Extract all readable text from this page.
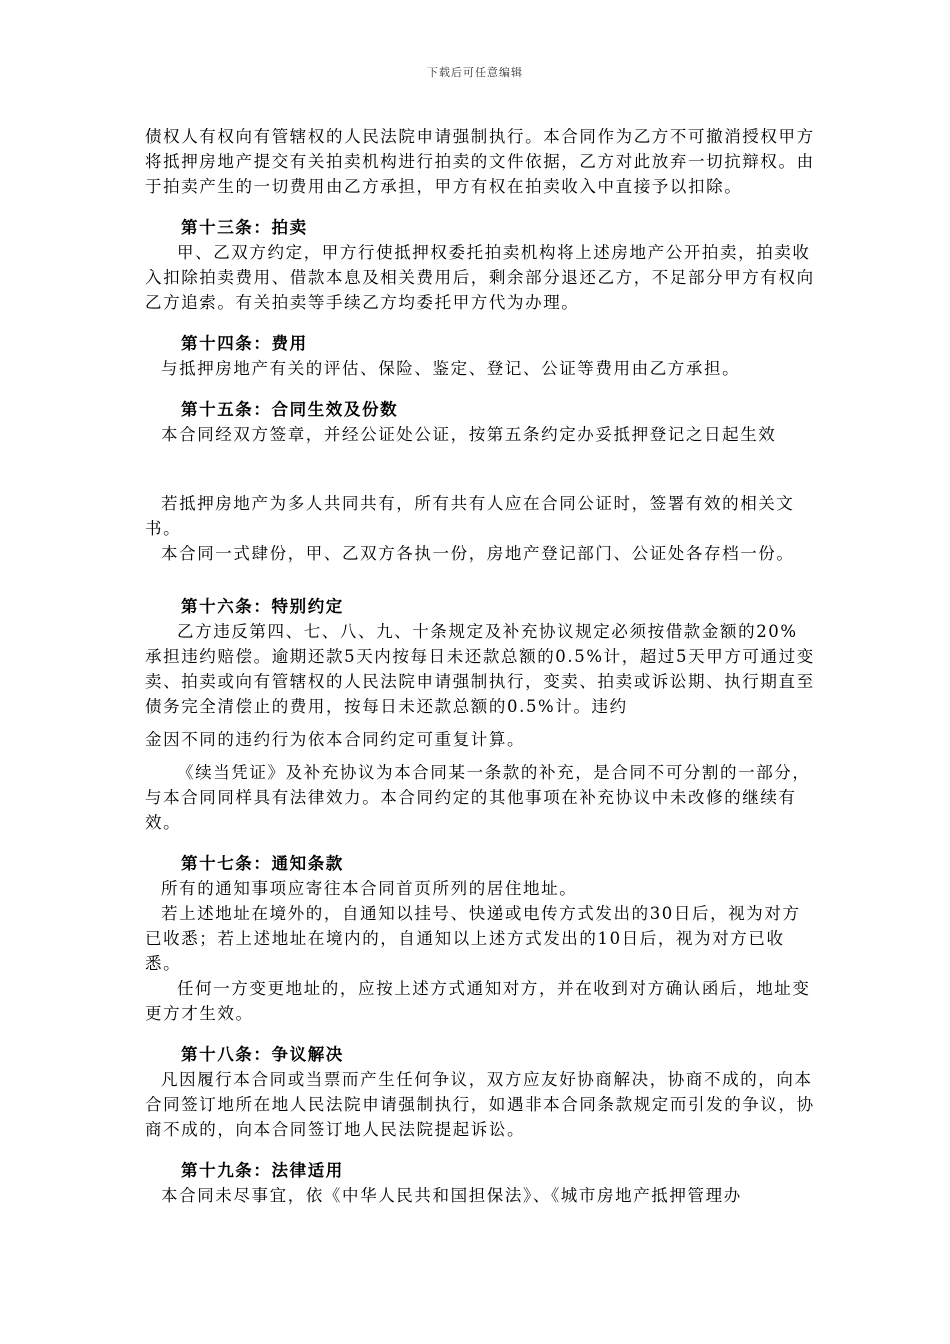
下载后可任意编辑

债权人有权向有管辖权的人民法院申请强制执行。本合同作为乙方不可撤消授权甲方将抵押房地产提交有关拍卖机构进行拍卖的文件依据，乙方对此放弃一切抗辩权。由于拍卖产生的一切费用由乙方承担，甲方有权在拍卖收入中直接予以扣除。

第十三条：拍卖

甲、乙双方约定，甲方行使抵押权委托拍卖机构将上述房地产公开拍卖，拍卖收入扣除拍卖费用、借款本息及相关费用后，剩余部分退还乙方，不足部分甲方有权向乙方追索。有关拍卖等手续乙方均委托甲方代为办理。

第十四条：费用

与抵押房地产有关的评估、保险、鉴定、登记、公证等费用由乙方承担。

第十五条：合同生效及份数

本合同经双方签章，并经公证处公证，按第五条约定办妥抵押登记之日起生效

若抵押房地产为多人共同共有，所有共有人应在合同公证时，签署有效的相关文书。

本合同一式肆份，甲、乙双方各执一份，房地产登记部门、公证处各存档一份。

第十六条：特别约定

乙方违反第四、七、八、九、十条规定及补充协议规定必须按借款金额的20%承担违约赔偿。逾期还款5天内按每日未还款总额的0.5%计，超过5天甲方可通过变卖、拍卖或向有管辖权的人民法院申请强制执行，变卖、拍卖或诉讼期、执行期直至债务完全清偿止的费用，按每日未还款总额的0.5%计。违约

金因不同的违约行为依本合同约定可重复计算。

《续当凭证》及补充协议为本合同某一条款的补充，是合同不可分割的一部分，与本合同同样具有法律效力。本合同约定的其他事项在补充协议中未改修的继续有效。

第十七条：通知条款

所有的通知事项应寄往本合同首页所列的居住地址。

若上述地址在境外的，自通知以挂号、快递或电传方式发出的30日后，视为对方已收悉；若上述地址在境内的，自通知以上述方式发出的10日后，视为对方已收悉。

任何一方变更地址的，应按上述方式通知对方，并在收到对方确认函后，地址变更方才生效。

第十八条：争议解决

凡因履行本合同或当票而产生任何争议，双方应友好协商解决，协商不成的，向本合同签订地所在地人民法院申请强制执行，如遇非本合同条款规定而引发的争议，协商不成的，向本合同签订地人民法院提起诉讼。

第十九条：法律适用

本合同未尽事宜，依《中华人民共和国担保法》、《城市房地产抵押管理办
